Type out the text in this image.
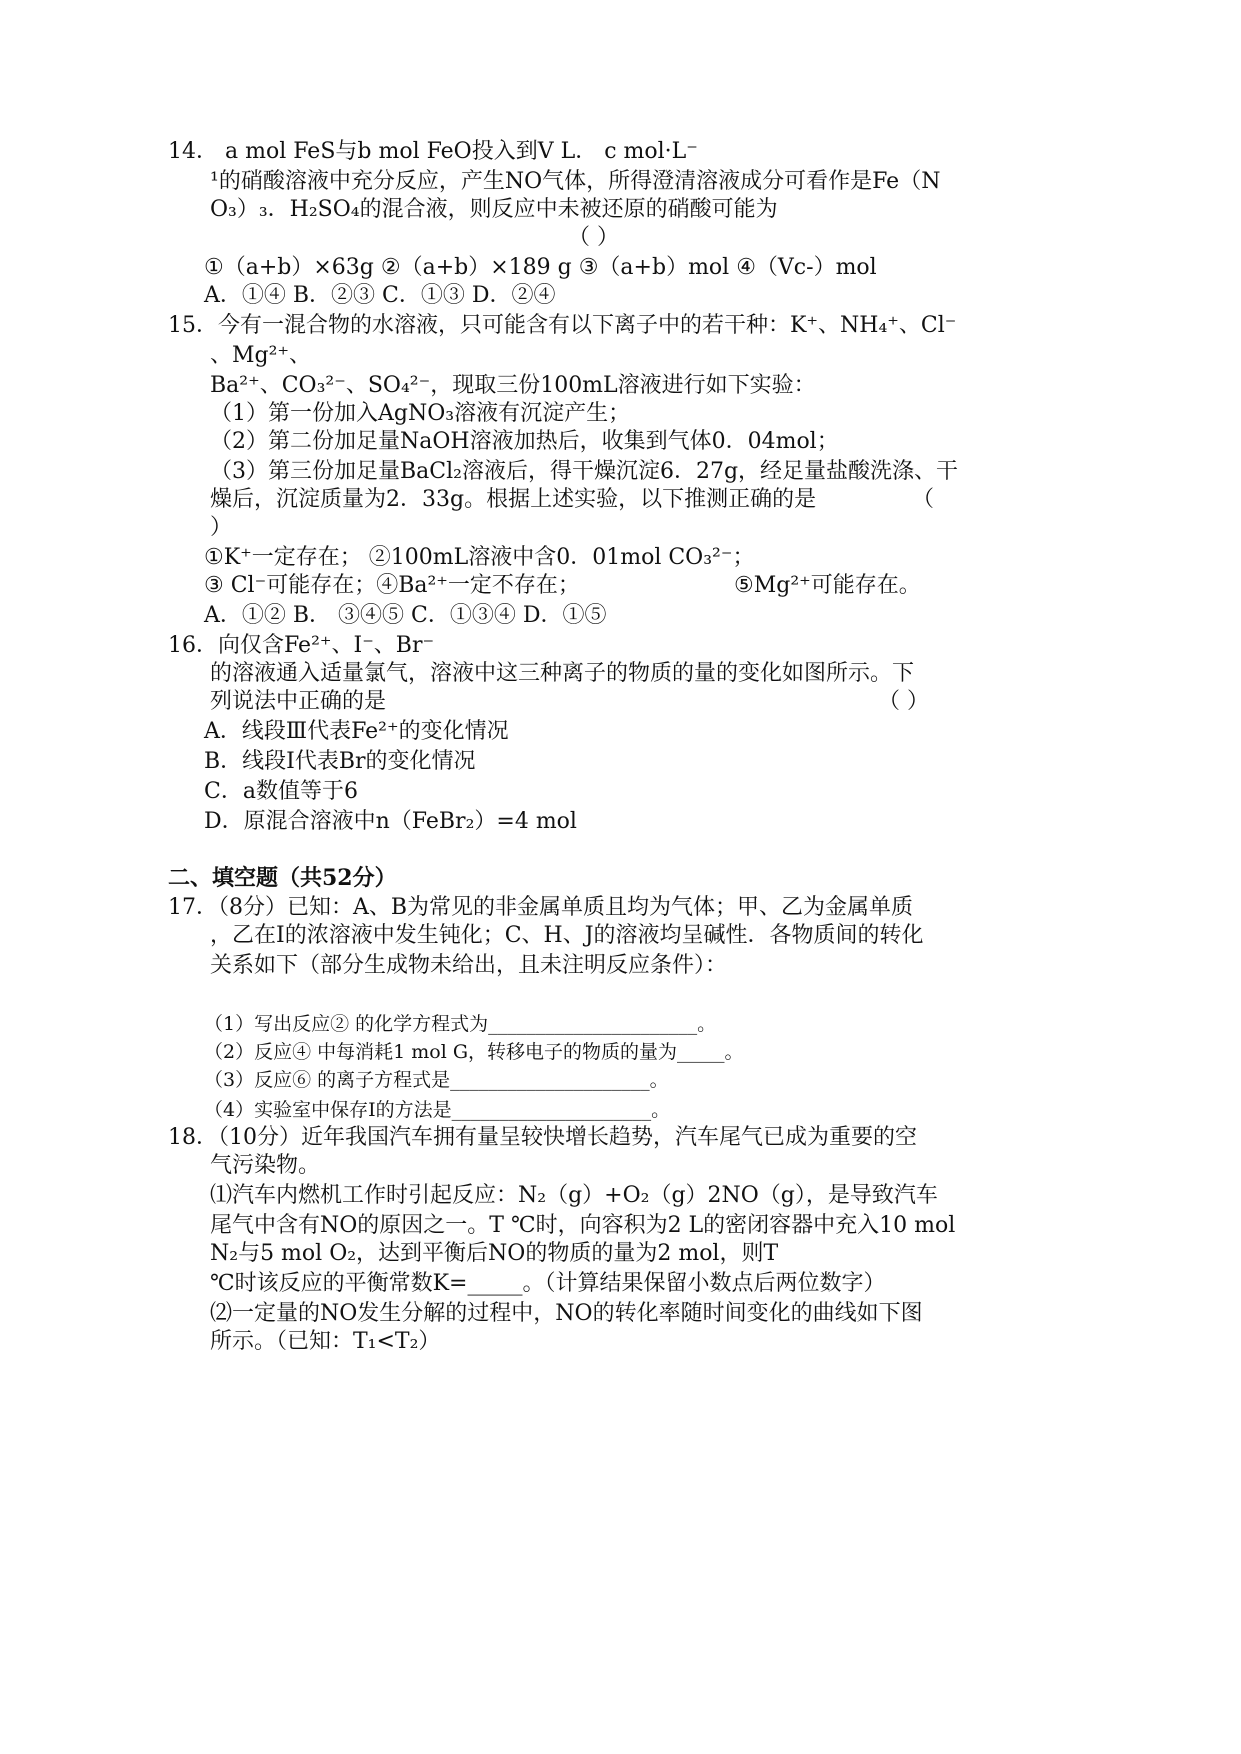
14． a mol FeS与b mol FeO投入到V L． c mol·L⁻
¹的硝酸溶液中充分反应，产生NO气体，所得澄清溶液成分可看作是Fe（N
O₃）₃．H₂SO₄的混合液，则反应中未被还原的硝酸可能为
（ ）
①（a+b）×63g ②（a+b）×189 g ③（a+b）mol ④（Vc-）mol
A．①④ B．②③ C．①③ D．②④
15．今有一混合物的水溶液，只可能含有以下离子中的若干种：K⁺、NH₄⁺、Cl⁻
、Mg²⁺、
Ba²⁺、CO₃²⁻、SO₄²⁻，现取三份100mL溶液进行如下实验：
（1）第一份加入AgNO₃溶液有沉淀产生；
（2）第二份加足量NaOH溶液加热后，收集到气体0．04mol；
（3）第三份加足量BaCl₂溶液后，得干燥沉淀6．27g，经足量盐酸洗涤、干
燥后，沉淀质量为2．33g。根据上述实验，以下推测正确的是	（
）
①K⁺一定存在； ②100mL溶液中含0．01mol CO₃²⁻；
③ Cl⁻可能存在；④Ba²⁺一定不存在；	⑤Mg²⁺可能存在。
A．①② B． ③④⑤ C．①③④ D．①⑤
16．向仅含Fe²⁺、I⁻、Br⁻
的溶液通入适量氯气，溶液中这三种离子的物质的量的变化如图所示。下
列说法中正确的是	（ ）
A．线段Ⅲ代表Fe²⁺的变化情况
B．线段Ⅰ代表Br的变化情况
C．a数值等于6
D．原混合溶液中n（FeBr₂）=4 mol
二、填空题（共52分）
17．（8分）已知：A、B为常见的非金属单质且均为气体；甲、乙为金属单质
，乙在I的浓溶液中发生钝化；C、H、J的溶液均呈碱性．各物质间的转化
关系如下（部分生成物未给出，且未注明反应条件）：
（1）写出反应② 的化学方程式为______________________。
（2）反应④ 中每消耗1 mol G，转移电子的物质的量为_____。
（3）反应⑥ 的离子方程式是_____________________。
（4）实验室中保存I的方法是_____________________。
18．（10分）近年我国汽车拥有量呈较快增长趋势，汽车尾气已成为重要的空
气污染物。
⑴汽车内燃机工作时引起反应：N₂（g）+O₂（g）2NO（g），是导致汽车
尾气中含有NO的原因之一。T ℃时，向容积为2 L的密闭容器中充入10 mol
N₂与5 mol O₂，达到平衡后NO的物质的量为2 mol，则T
℃时该反应的平衡常数K=_____。（计算结果保留小数点后两位数字）
⑵一定量的NO发生分解的过程中，NO的转化率随时间变化的曲线如下图
所示。（已知：T₁<T₂）
